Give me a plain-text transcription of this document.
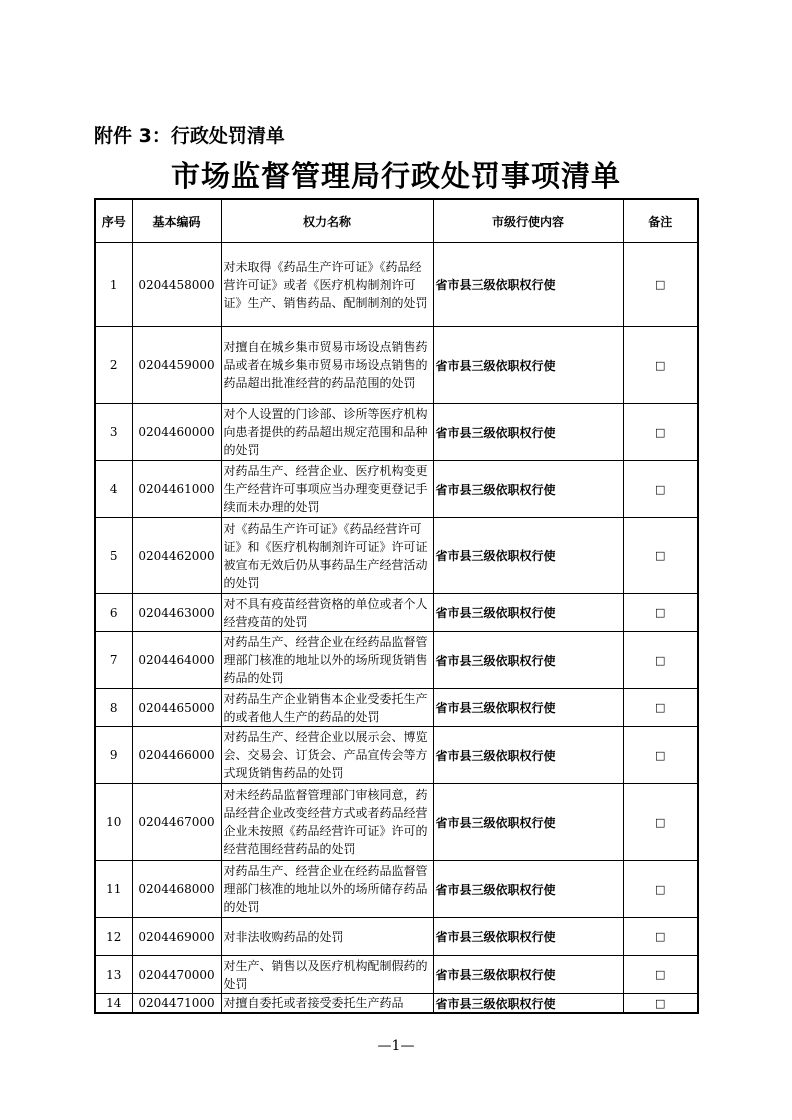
附件 3：行政处罚清单
市场监督管理局行政处罚事项清单
序号	基本编码	权力名称	市级行使内容	备注
1	0204458000	对未取得《药品生产许可证》《药品经营许可证》或者《医疗机构制剂许可证》生产、销售药品、配制制剂的处罚	省市县三级依职权行使	□
2	0204459000	对擅自在城乡集市贸易市场设点销售药品或者在城乡集市贸易市场设点销售的药品超出批准经营的药品范围的处罚	省市县三级依职权行使	□
3	0204460000	对个人设置的门诊部、诊所等医疗机构向患者提供的药品超出规定范围和品种的处罚	省市县三级依职权行使	□
4	0204461000	对药品生产、经营企业、医疗机构变更生产经营许可事项应当办理变更登记手续而未办理的处罚	省市县三级依职权行使	□
5	0204462000	对《药品生产许可证》《药品经营许可证》和《医疗机构制剂许可证》许可证被宣布无效后仍从事药品生产经营活动的处罚	省市县三级依职权行使	□
6	0204463000	对不具有疫苗经营资格的单位或者个人经营疫苗的处罚	省市县三级依职权行使	□
7	0204464000	对药品生产、经营企业在经药品监督管理部门核准的地址以外的场所现货销售药品的处罚	省市县三级依职权行使	□
8	0204465000	对药品生产企业销售本企业受委托生产的或者他人生产的药品的处罚	省市县三级依职权行使	□
9	0204466000	对药品生产、经营企业以展示会、博览会、交易会、订货会、产品宣传会等方式现货销售药品的处罚	省市县三级依职权行使	□
10	0204467000	对未经药品监督管理部门审核同意，药品经营企业改变经营方式或者药品经营企业未按照《药品经营许可证》许可的经营范围经营药品的处罚	省市县三级依职权行使	□
11	0204468000	对药品生产、经营企业在经药品监督管理部门核准的地址以外的场所储存药品的处罚	省市县三级依职权行使	□
12	0204469000	对非法收购药品的处罚	省市县三级依职权行使	□
13	0204470000	对生产、销售以及医疗机构配制假药的处罚	省市县三级依职权行使	□
14	0204471000	对擅自委托或者接受委托生产药品	省市县三级依职权行使	□
—1—
